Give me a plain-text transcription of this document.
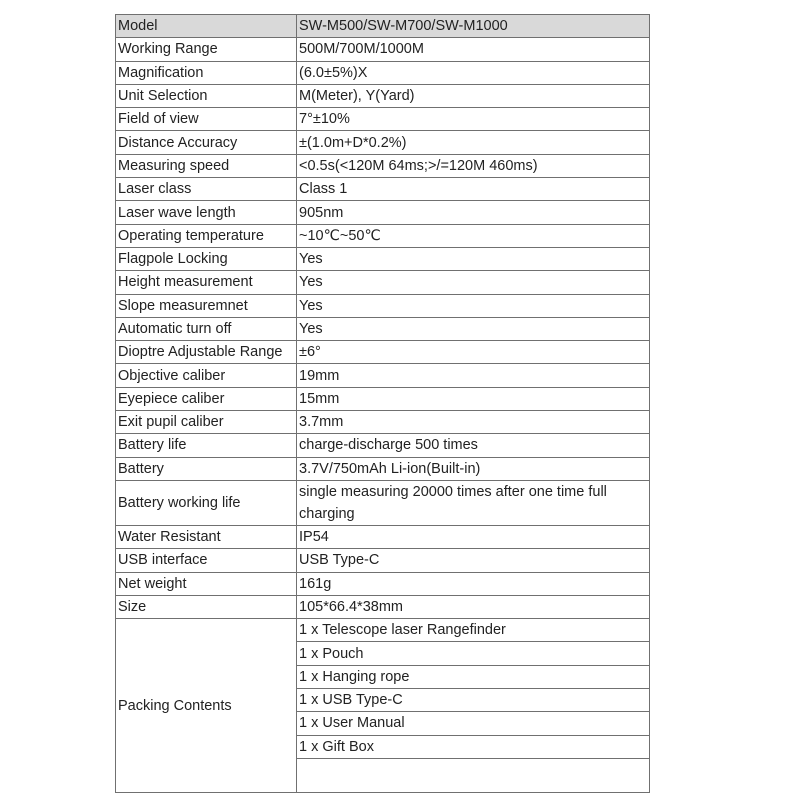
Model	SW-M500/SW-M700/SW-M1000
Working Range	500M/700M/1000M
Magnification	(6.0±5%)X
Unit Selection	M(Meter), Y(Yard)
Field of view	7°±10%
Distance Accuracy	±(1.0m+D*0.2%)
Measuring speed	<0.5s(<120M 64ms;>/=120M 460ms)
Laser class	Class 1
Laser wave length	905nm
Operating temperature	~10℃~50℃
Flagpole Locking	Yes
Height measurement	Yes
Slope measuremnet	Yes
Automatic turn off	Yes
Dioptre Adjustable Range	±6°
Objective caliber	19mm
Eyepiece caliber	15mm
Exit pupil caliber	3.7mm
Battery life	charge-discharge 500 times
Battery	3.7V/750mAh Li-ion(Built-in)
Battery working life	single measuring 20000 times after one time full charging
Water Resistant	IP54
USB interface	USB Type-C
Net weight	161g
Size	105*66.4*38mm
Packing Contents	1 x Telescope laser Rangefinder
	1 x Pouch
	1 x Hanging rope
	1 x USB Type-C
	1 x User Manual
	1 x Gift Box
